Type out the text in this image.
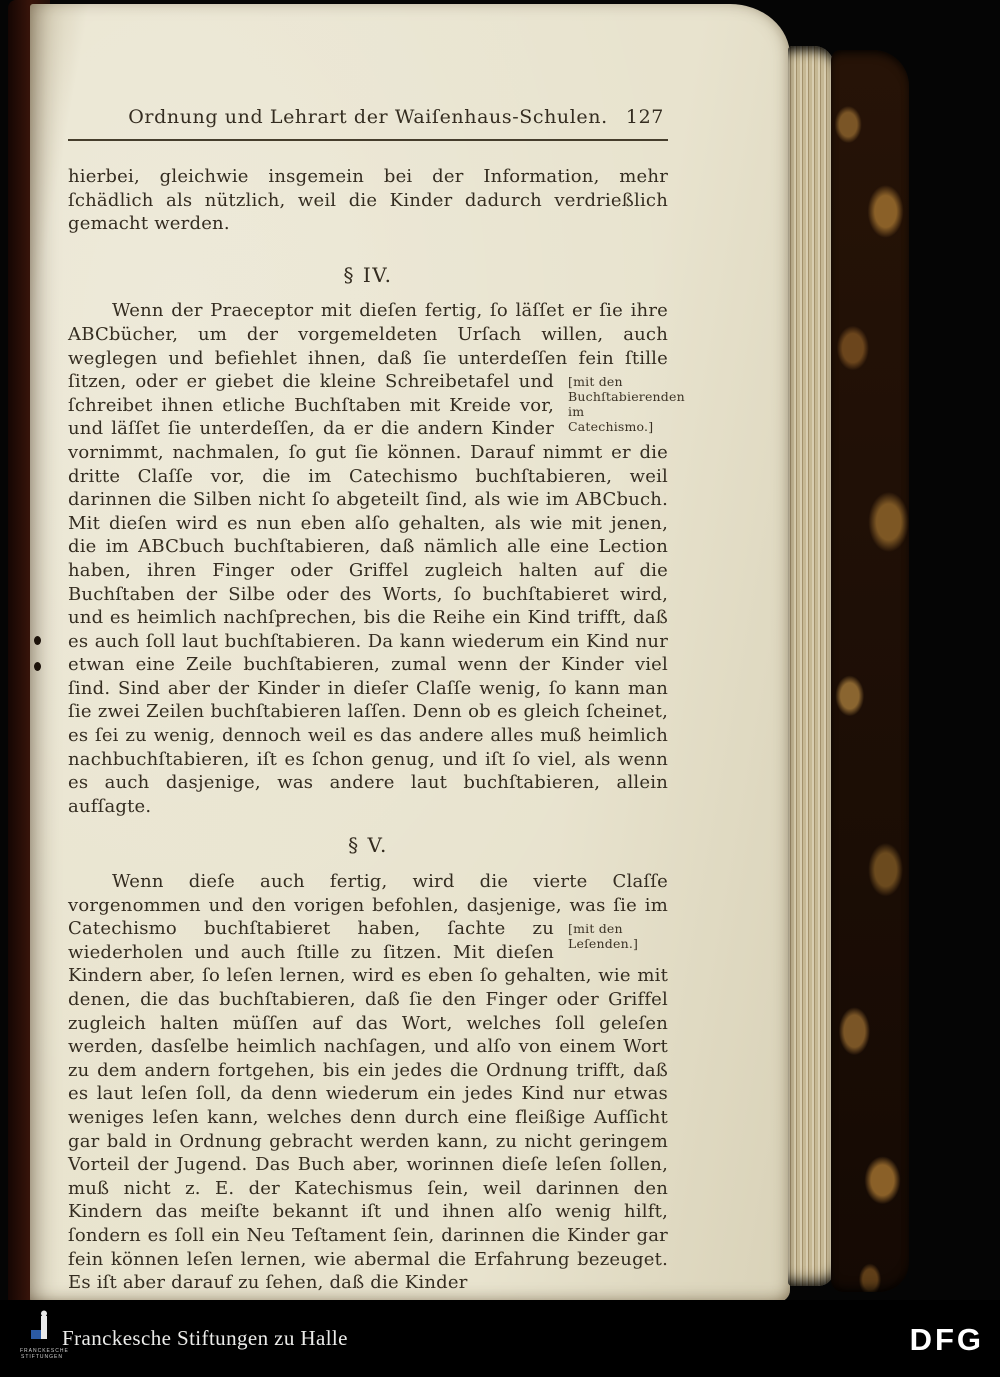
Ordnung und Lehrart der Waiſenhaus-Schulen. 127

hierbei, gleichwie insgemein bei der Information, mehr ſchädlich als nützlich, weil die Kinder dadurch verdrießlich gemacht werden.

§ IV.

Wenn der Praeceptor mit dieſen fertig, ſo läſſet er ſie ihre ABCbücher, um der vorgemeldeten Urſach willen, auch weglegen und befiehlet ihnen, daß ſie unterdeſſen fein ſtille ſitzen, oder	[mit den Buchſtabierenden im Catechismo.]
er giebet die kleine Schreibetafel und ſchreibet ihnen etliche Buchſtaben mit Kreide vor, und läſſet ſie unterdeſſen, da er die andern Kinder vornimmt, nachmalen, ſo gut ſie können. Darauf nimmt er die dritte Claſſe vor, die im Catechismo buchſtabieren, weil darinnen die Silben nicht ſo abgeteilt ſind, als wie im ABCbuch. Mit dieſen wird es nun eben alſo gehalten, als wie mit jenen, die im ABCbuch buchſtabieren, daß nämlich alle eine Lection haben, ihren Finger oder Griffel zugleich halten auf die Buchſtaben der Silbe oder des Worts, ſo buchſtabieret wird, und es heimlich nachſprechen, bis die Reihe ein Kind trifft, daß es auch ſoll laut buchſtabieren. Da kann wiederum ein Kind nur etwan eine Zeile buchſtabieren, zumal wenn der Kinder viel ſind. Sind aber der Kinder in dieſer Claſſe wenig, ſo kann man ſie zwei Zeilen buchſtabieren laſſen. Denn ob es gleich ſcheinet, es ſei zu wenig, dennoch weil es das andere alles muß heimlich nachbuchſtabieren, iſt es ſchon genug, und iſt ſo viel, als wenn es auch dasjenige, was andere laut buchſtabieren, allein aufſagte.

§ V.

Wenn dieſe auch fertig, wird die vierte Claſſe vorgenommen und den vorigen befohlen, dasjenige, was ſie im Catechismo	[mit den Leſenden.]
buchſtabieret haben, ſachte zu wiederholen und auch ſtille zu ſitzen. Mit dieſen Kindern aber, ſo leſen lernen, wird es eben ſo gehalten, wie mit denen, die das buchſtabieren, daß ſie den Finger oder Griffel zugleich halten müſſen auf das Wort, welches ſoll geleſen werden, dasſelbe heimlich nachſagen, und alſo von einem Wort zu dem andern fortgehen, bis ein jedes die Ordnung trifft, daß es laut leſen ſoll, da denn wiederum ein jedes Kind nur etwas weniges leſen kann, welches denn durch eine fleißige Aufſicht gar bald in Ordnung gebracht werden kann, zu nicht geringem Vorteil der Jugend. Das Buch aber, worinnen dieſe leſen ſollen, muß nicht z. E. der Katechismus ſein, weil darinnen den Kindern das meiſte bekannt iſt und ihnen alſo wenig hilft, ſondern es ſoll ein Neu Teſtament ſein, darinnen die Kinder gar fein können leſen lernen, wie abermal die Erfahrung bezeuget. Es iſt aber darauf zu ſehen, daß die Kinder

FRANCKESCHE
STIFTUNGEN
Franckesche Stiftungen zu Halle	DFG
